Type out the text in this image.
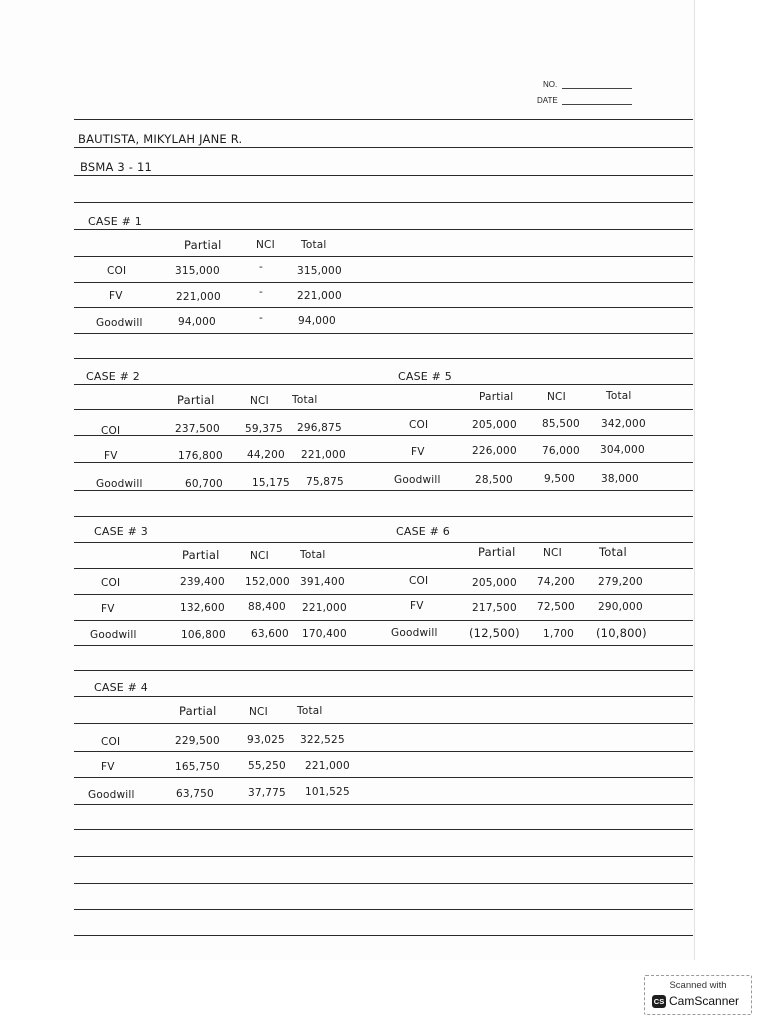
NO.
DATE
BAUTISTA, MIKYLAH JANE R.
BSMA 3 - 11
CASE # 1
Partial	NCI Total
COI	315,000	-	315,000
FV	221,000	-	221,000
Goodwill	94,000	-	94,000
CASE # 2
Partial	NCI Total
COI	237,500 59,375 296,875
FV	176,800 44,200 221,000
Goodwill	60,700	15,175 75,875
CASE # 5
Partial	NCI	Total
COI	205,000 85,500 342,000
FV	226,000 76,000 304,000
Goodwill	28,500	9,500 38,000
CASE # 3
Partial	NCI	Total
COI	239,400 152,000 391,400
FV	132,600 88,400 221,000
Goodwill	106,800 63,600 170,400
CASE # 6
Partial	NCI	Total
COI	205,000 74,200 279,200
FV	217,500 72,500 290,000
Goodwill	(12,500) 1,700 (10,800)
CASE # 4
Partial	NCI	Total
COI	229,500	93,025 322,525
FV	165,750	55,250 221,000
Goodwill	63,750	37,775 101,525
Scanned with
CS CamScanner
